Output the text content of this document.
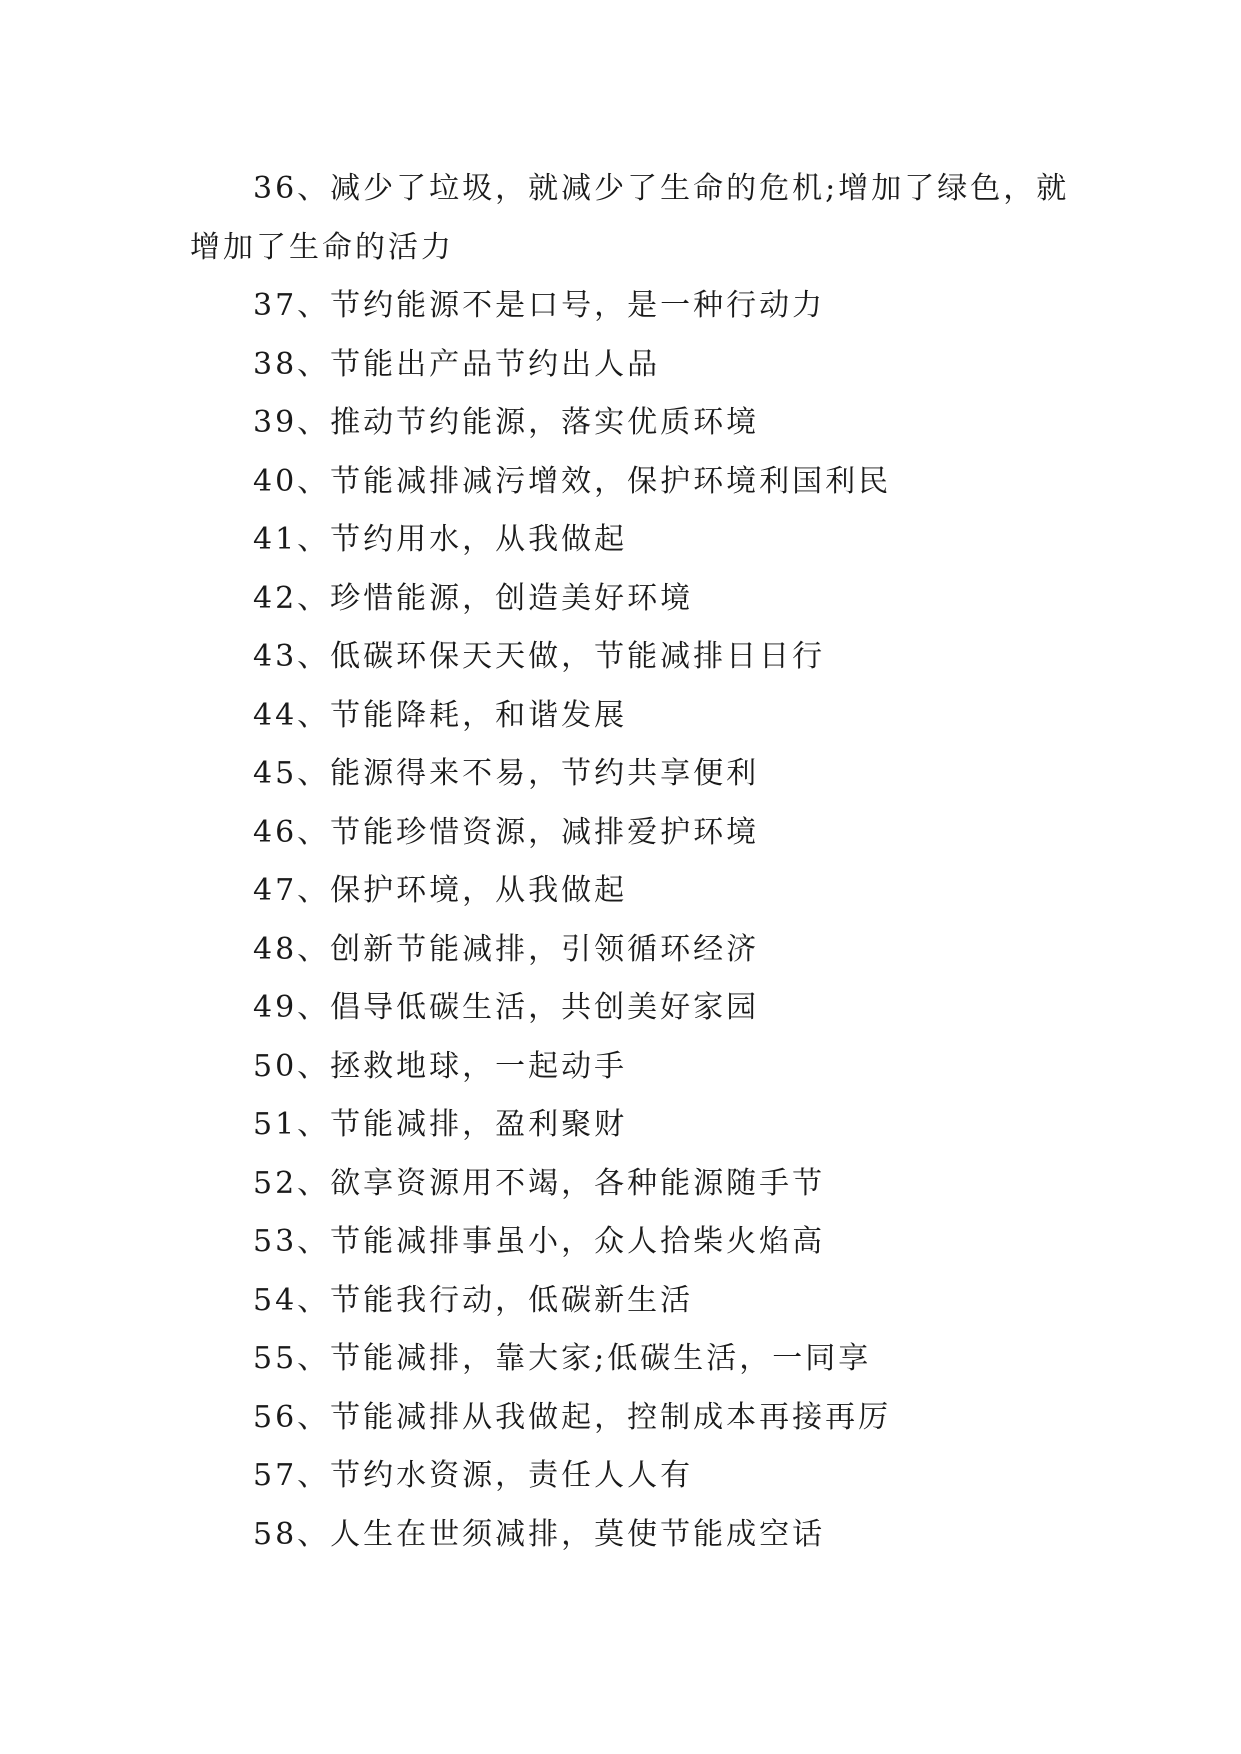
36、减少了垃圾，就减少了生命的危机;增加了绿色，就增加了生命的活力

37、节约能源不是口号，是一种行动力

38、节能出产品节约出人品

39、推动节约能源，落实优质环境

40、节能减排减污增效，保护环境利国利民

41、节约用水，从我做起

42、珍惜能源，创造美好环境

43、低碳环保天天做，节能减排日日行

44、节能降耗，和谐发展

45、能源得来不易，节约共享便利

46、节能珍惜资源，减排爱护环境

47、保护环境，从我做起

48、创新节能减排，引领循环经济

49、倡导低碳生活，共创美好家园

50、拯救地球，一起动手

51、节能减排，盈利聚财

52、欲享资源用不竭，各种能源随手节

53、节能减排事虽小，众人拾柴火焰高

54、节能我行动，低碳新生活

55、节能减排，靠大家;低碳生活，一同享

56、节能减排从我做起，控制成本再接再厉

57、节约水资源，责任人人有

58、人生在世须减排，莫使节能成空话
